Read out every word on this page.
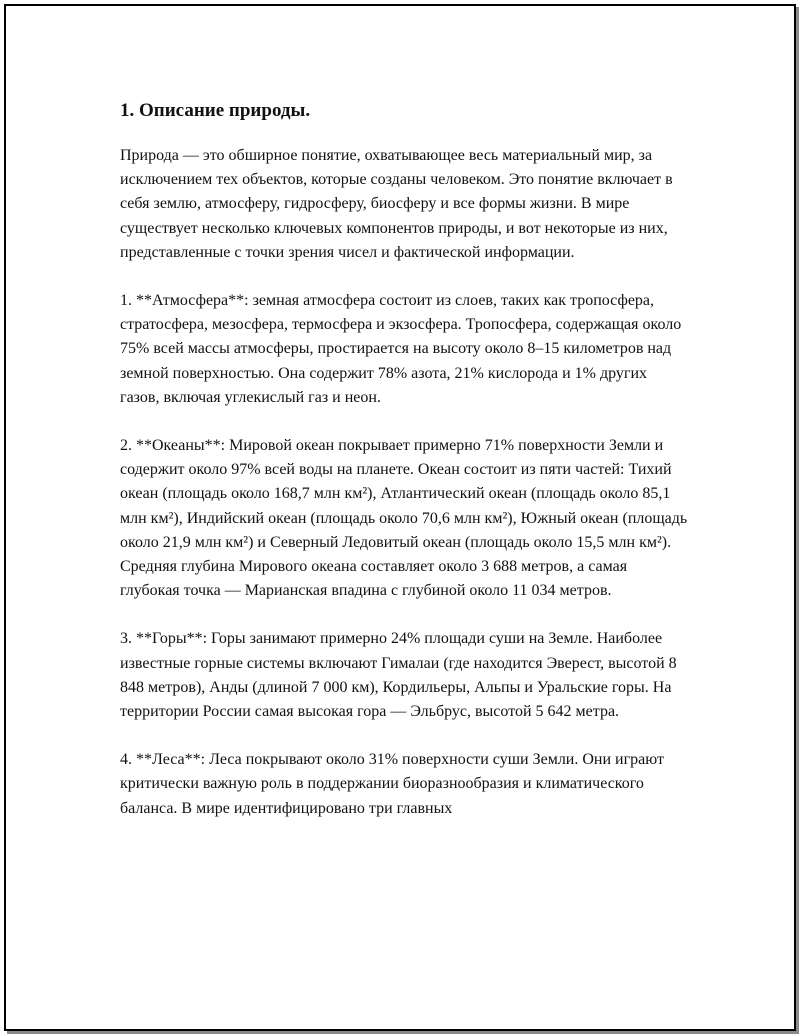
1. Описание природы.

Природа — это обширное понятие, охватывающее весь материальный мир, за исключением тех объектов, которые созданы человеком. Это понятие включает в себя землю, атмосферу, гидросферу, биосферу и все формы жизни. В мире существует несколько ключевых компонентов природы, и вот некоторые из них, представленные с точки зрения чисел и фактической информации.

1. **Атмосфера**: земная атмосфера состоит из слоев, таких как тропосфера, стратосфера, мезосфера, термосфера и экзосфера. Тропосфера, содержащая около 75% всей массы атмосферы, простирается на высоту около 8–15 километров над земной поверхностью. Она содержит 78% азота, 21% кислорода и 1% других газов, включая углекислый газ и неон.

2. **Океаны**: Мировой океан покрывает примерно 71% поверхности Земли и содержит около 97% всей воды на планете. Океан состоит из пяти частей: Тихий океан (площадь около 168,7 млн км²), Атлантический океан (площадь около 85,1 млн км²), Индийский океан (площадь около 70,6 млн км²), Южный океан (площадь около 21,9 млн км²) и Северный Ледовитый океан (площадь около 15,5 млн км²). Средняя глубина Мирового океана составляет около 3 688 метров, а самая глубокая точка — Марианская впадина с глубиной около 11 034 метров.

3. **Горы**: Горы занимают примерно 24% площади суши на Земле. Наиболее известные горные системы включают Гималаи (где находится Эверест, высотой 8 848 метров), Анды (длиной 7 000 км), Кордильеры, Альпы и Уральские горы. На территории России самая высокая гора — Эльбрус, высотой 5 642 метра.

4. **Леса**: Леса покрывают около 31% поверхности суши Земли. Они играют критически важную роль в поддержании биоразнообразия и климатического баланса. В мире идентифицировано три главных
